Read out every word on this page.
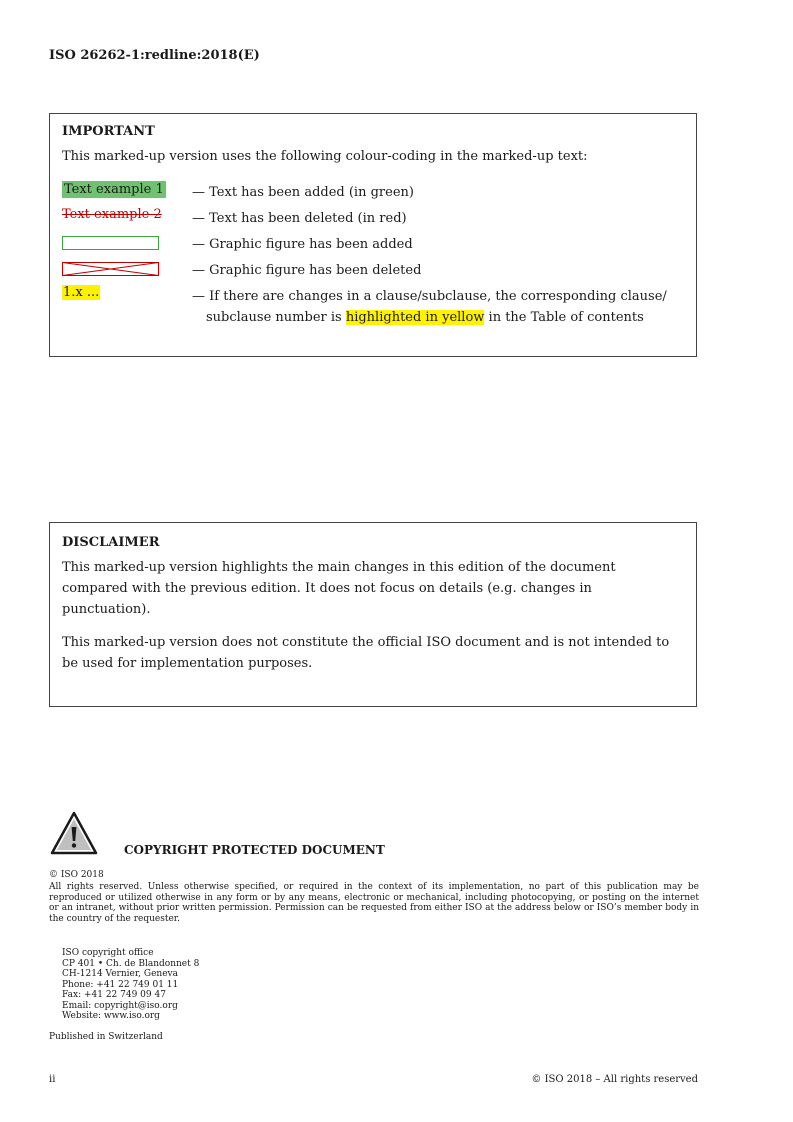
ISO 26262-1:redline:2018(E)
IMPORTANT
This marked-up version uses the following colour-coding in the marked-up text:
Text example 1 — Text has been added (in green)
Text example 2 — Text has been deleted (in red)
— Graphic figure has been added
— Graphic figure has been deleted
1.x ...	— If there are changes in a clause/subclause, the corresponding clause/
subclause number is highlighted in yellow in the Table of contents
DISCLAIMER

This marked-up version highlights the main changes in this edition of the document compared with the previous edition. It does not focus on details (e.g. changes in punctuation).

This marked-up version does not constitute the official ISO document and is not intended to be used for implementation purposes.

COPYRIGHT PROTECTED DOCUMENT
© ISO 2018
All rights reserved. Unless otherwise specified, or required in the context of its implementation, no part of this publication may be reproduced or utilized otherwise in any form or by any means, electronic or mechanical, including photocopying, or posting on the internet or an intranet, without prior written permission. Permission can be requested from either ISO at the address below or ISO’s member body in the country of the requester.
ISO copyright office
CP 401 • Ch. de Blandonnet 8
CH-1214 Vernier, Geneva
Phone: +41 22 749 01 11
Fax: +41 22 749 09 47
Email: copyright@iso.org
Website: www.iso.org
Published in Switzerland
ii	© ISO 2018 – All rights reserved
